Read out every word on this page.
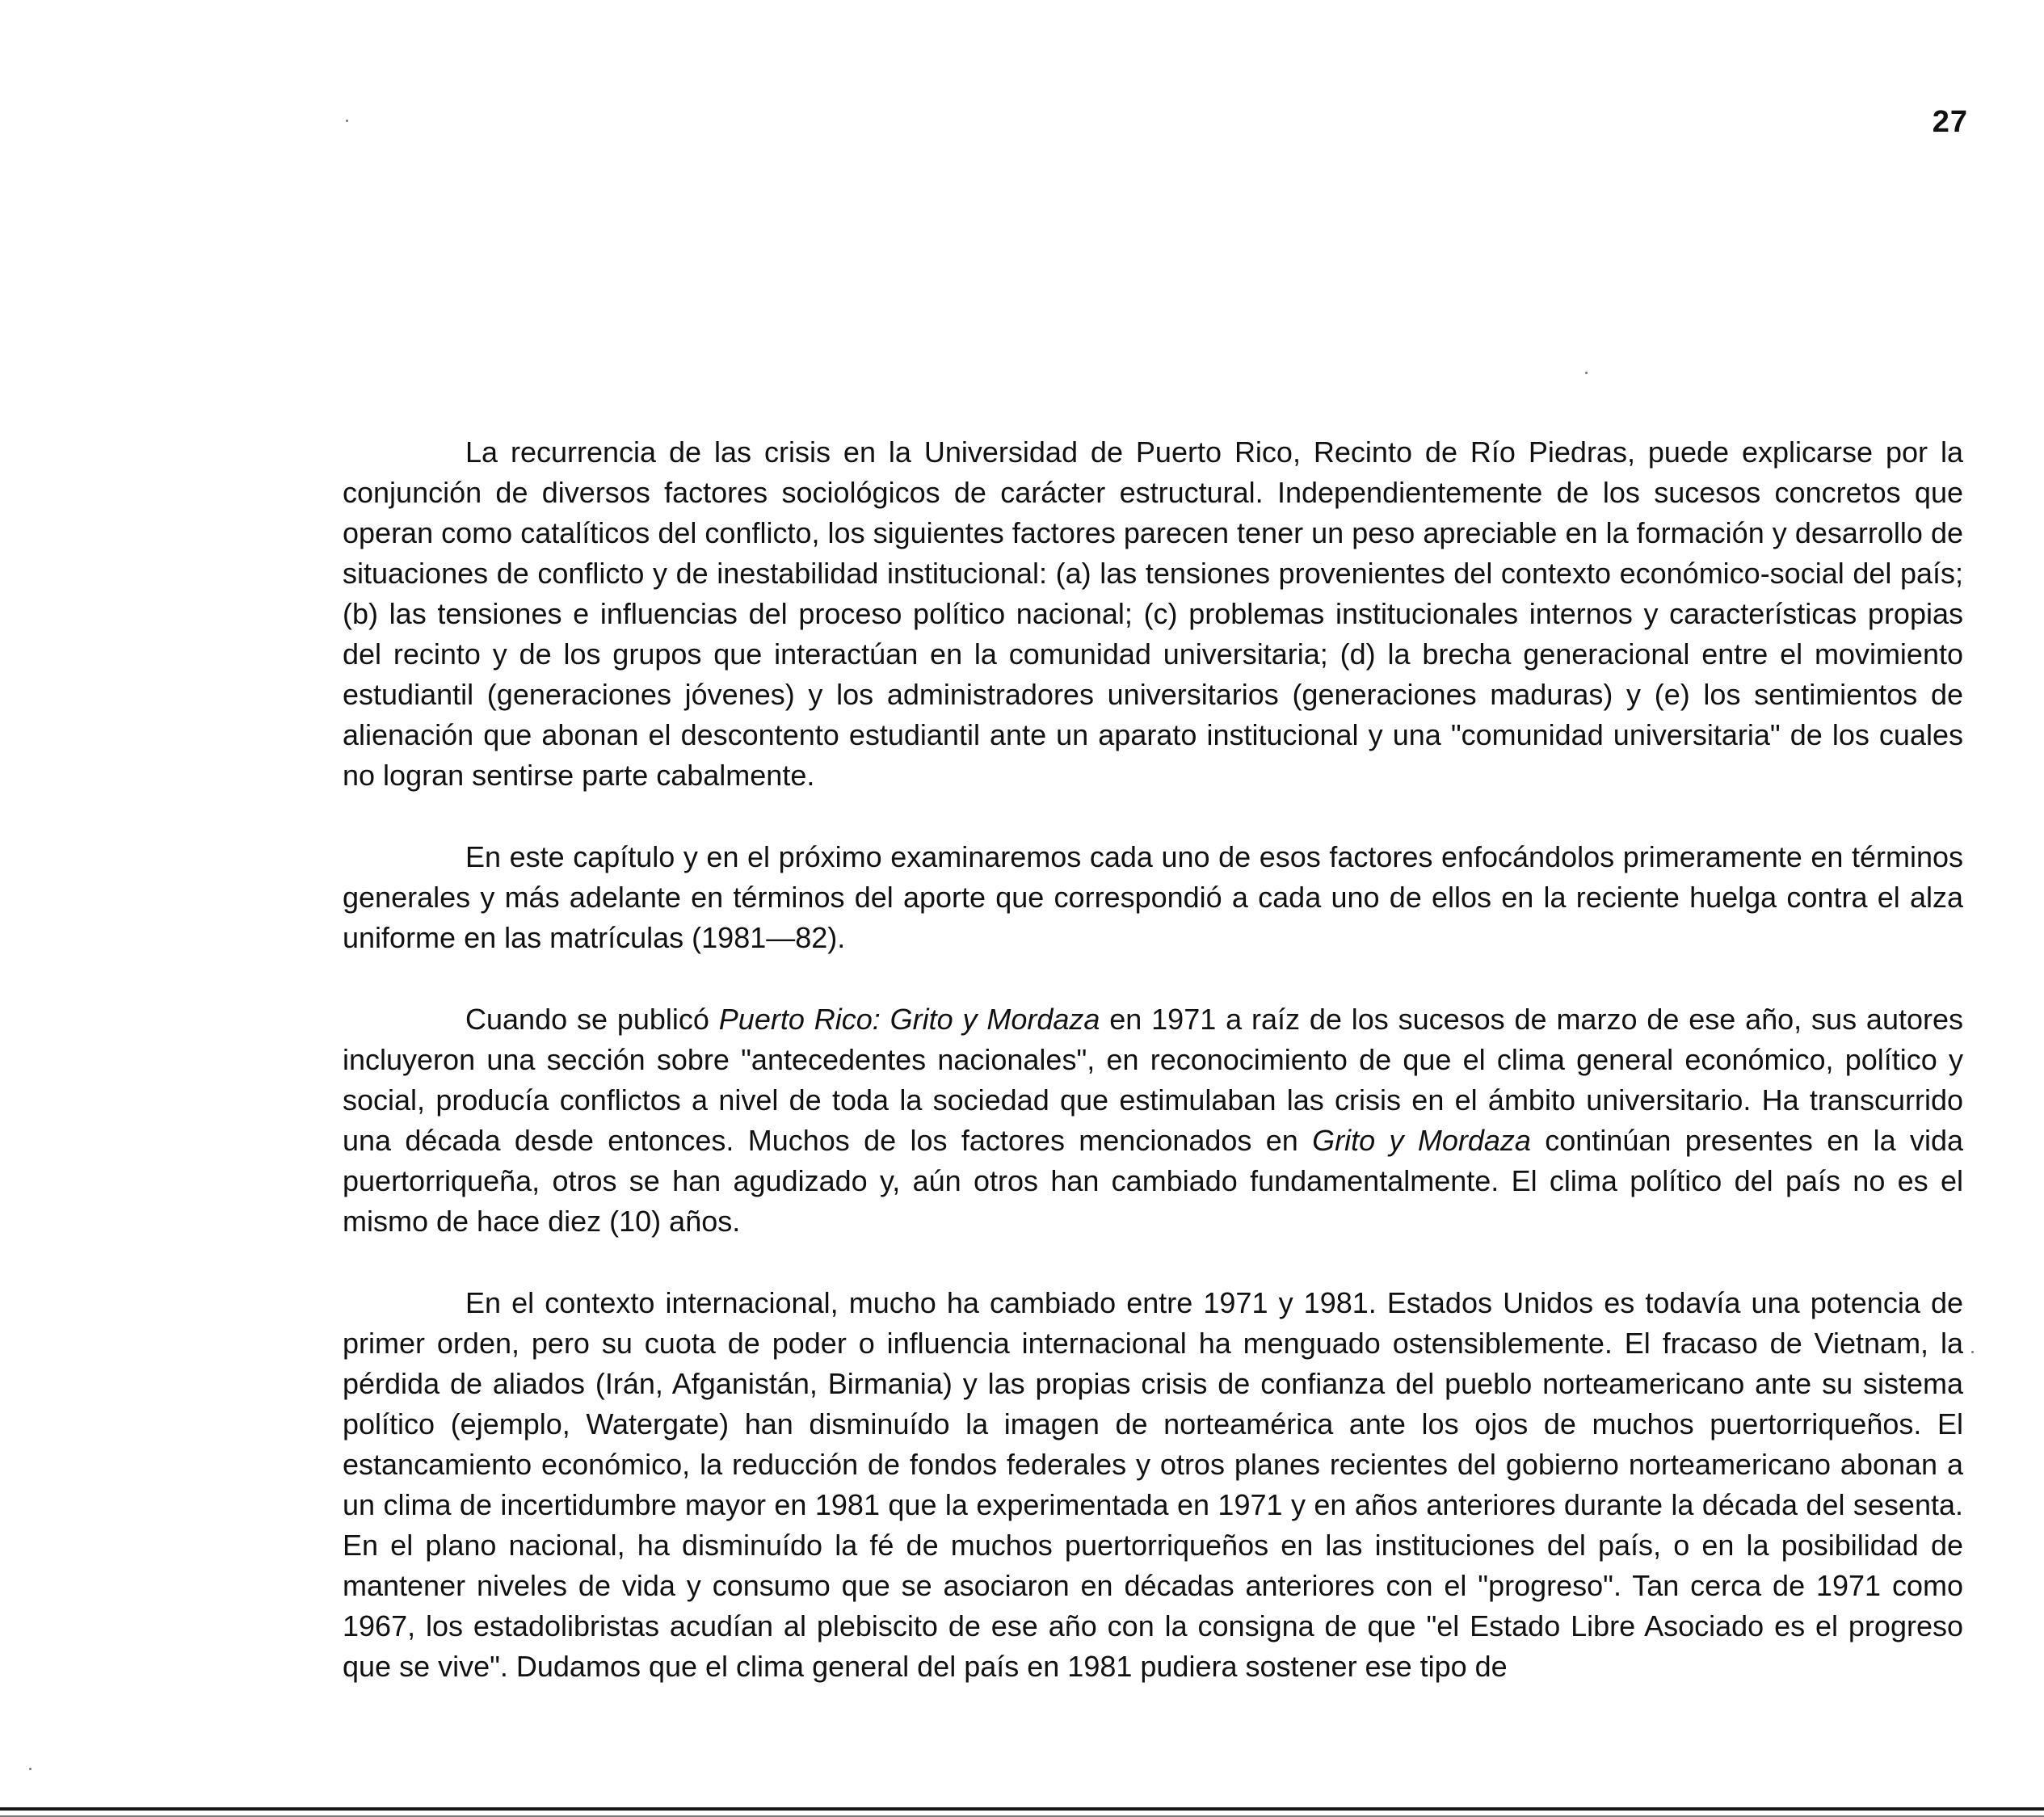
27

La recurrencia de las crisis en la Universidad de Puerto Rico, Recinto de Río Piedras, puede explicarse por la conjunción de diversos factores sociológicos de carácter estructural. Independientemente de los sucesos concretos que operan como catalíticos del conflicto, los siguientes factores parecen tener un peso apreciable en la formación y desarrollo de situaciones de conflicto y de inestabilidad institucional: (a) las tensiones provenientes del contexto económico-social del país; (b) las tensiones e influencias del proceso político nacional; (c) problemas institucionales internos y características propias del recinto y de los grupos que interactúan en la comunidad universitaria; (d) la brecha generacional entre el movimiento estudiantil (generaciones jóvenes) y los administradores universitarios (generaciones maduras) y (e) los sentimientos de alienación que abonan el descontento estudiantil ante un aparato institucional y una "comunidad universitaria" de los cuales no logran sentirse parte cabalmente.

En este capítulo y en el próximo examinaremos cada uno de esos factores enfocándolos primeramente en términos generales y más adelante en términos del aporte que correspondió a cada uno de ellos en la reciente huelga contra el alza uniforme en las matrículas (1981—82).

Cuando se publicó Puerto Rico: Grito y Mordaza en 1971 a raíz de los sucesos de marzo de ese año, sus autores incluyeron una sección sobre "antecedentes nacionales", en reconocimiento de que el clima general económico, político y social, producía conflictos a nivel de toda la sociedad que estimulaban las crisis en el ámbito universitario. Ha transcurrido una década desde entonces. Muchos de los factores mencionados en Grito y Mordaza continúan presentes en la vida puertorriqueña, otros se han agudizado y, aún otros han cambiado fundamentalmente. El clima político del país no es el mismo de hace diez (10) años.

En el contexto internacional, mucho ha cambiado entre 1971 y 1981. Estados Unidos es todavía una potencia de primer orden, pero su cuota de poder o influencia internacional ha menguado ostensiblemente. El fracaso de Vietnam, la pérdida de aliados (Irán, Afganistán, Birmania) y las propias crisis de confianza del pueblo norteamericano ante su sistema político (ejemplo, Watergate) han disminuído la imagen de norteamérica ante los ojos de muchos puertorriqueños. El estancamiento económico, la reducción de fondos federales y otros planes recientes del gobierno norteamericano abonan a un clima de incertidumbre mayor en 1981 que la experimentada en 1971 y en años anteriores durante la década del sesenta. En el plano nacional, ha disminuído la fé de muchos puertorriqueños en las instituciones del país, o en la posibilidad de mantener niveles de vida y consumo que se asociaron en décadas anteriores con el "progreso". Tan cerca de 1971 como 1967, los estadolibristas acudían al plebiscito de ese año con la consigna de que "el Estado Libre Asociado es el progreso que se vive". Dudamos que el clima general del país en 1981 pudiera sostener ese tipo de
